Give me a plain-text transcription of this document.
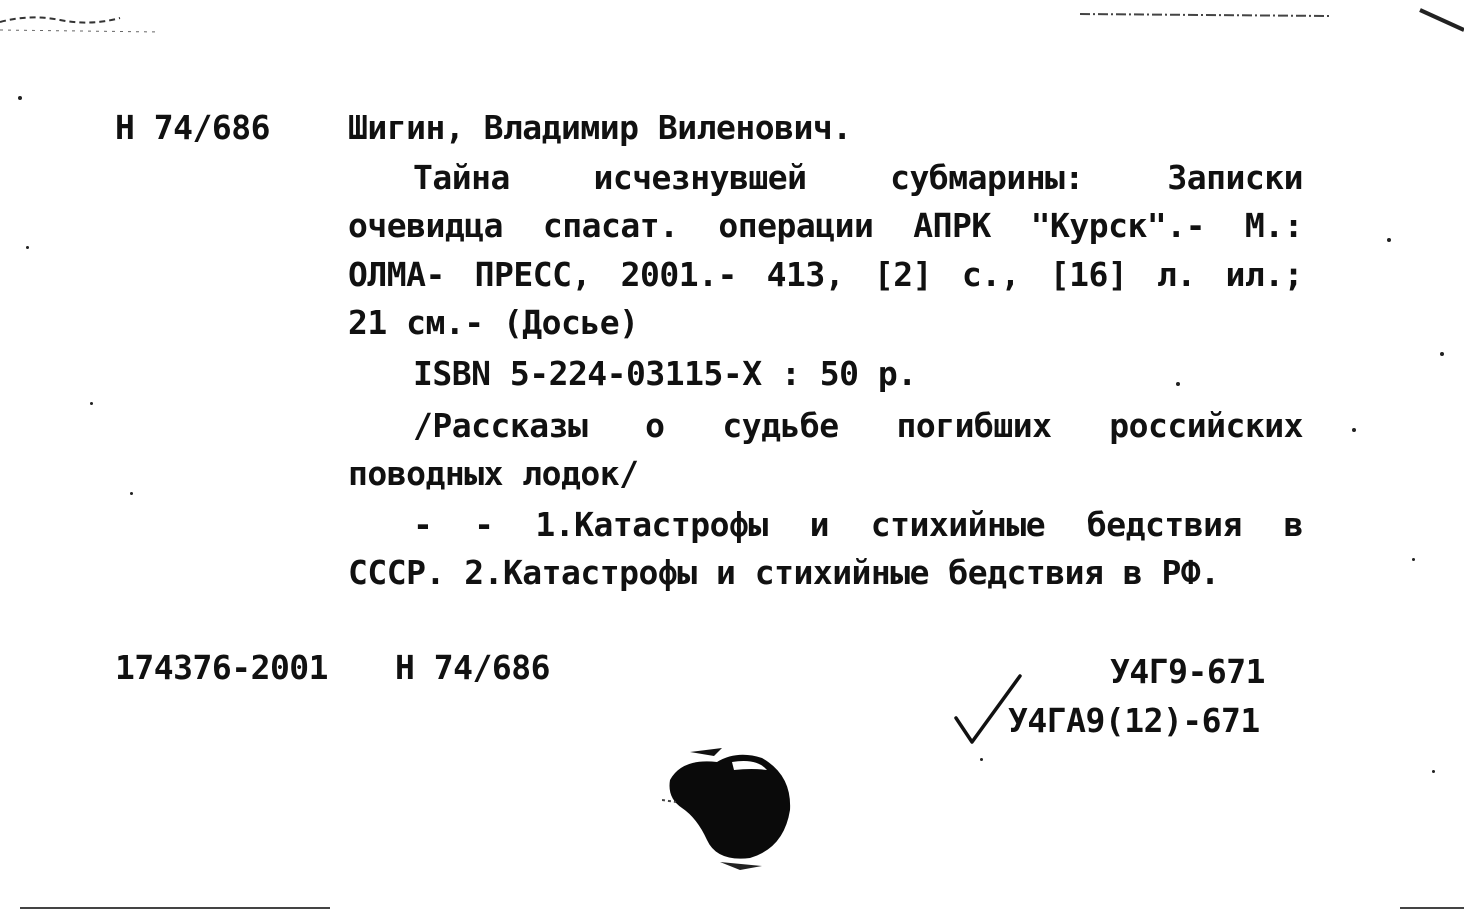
Н 74/686 Шигин, Владимир Виленович.
Тайна исчезнувшей субмарины: Записки
очевидца спасат. операции АПРК "Курск".- М.:
ОЛМА- ПРЕСС, 2001.- 413, [2] с., [16] л. ил.;
21 см.- (Досье)
ISBN 5-224-03115-X : 50 р.
/Рассказы о судьбе погибших российских
поводных лодок/
- - 1.Катастрофы и стихийные бедствия в
СССР. 2.Катастрофы и стихийные бедствия в РФ.
174376-2001 Н 74/686	У4Г9-671
У4ГА9(12)-671
